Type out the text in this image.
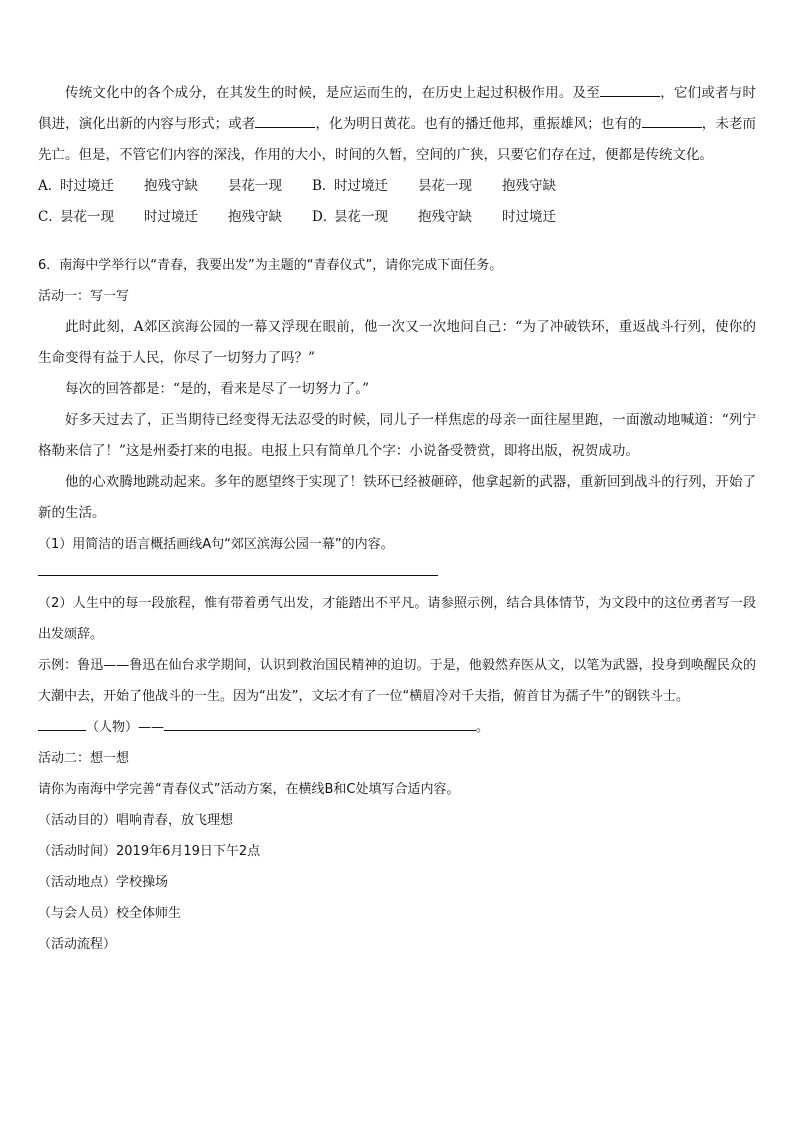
传统文化中的各个成分，在其发生的时候，是应运而生的，在历史上起过积极作用。及至	，它们或者与时俱进，演化出新的内容与形式；或者	，化为明日黄花。也有的播迁他邦，重振雄风；也有的	，未老而先亡。但是，不管它们内容的深浅，作用的大小，时间的久暂，空间的广狭，只要它们存在过，便都是传统文化。

A．时过境迁 抱残守缺 昙花一现 B．时过境迁 昙花一现 抱残守缺

C．昙花一现 时过境迁 抱残守缺 D．昙花一现 抱残守缺 时过境迁

6．南海中学举行以“青春，我要出发”为主题的“青春仪式”，请你完成下面任务。

活动一：写一写

此时此刻，A郊区滨海公园的一幕又浮现在眼前，他一次又一次地问自己：“为了冲破铁环，重返战斗行列，使你的生命变得有益于人民，你尽了一切努力了吗？”

每次的回答都是：“是的，看来是尽了一切努力了。”

好多天过去了，正当期待已经变得无法忍受的时候，同儿子一样焦虑的母亲一面往屋里跑，一面激动地喊道：“列宁格勒来信了！”这是州委打来的电报。电报上只有简单几个字：小说备受赞赏，即将出版，祝贺成功。

他的心欢腾地跳动起来。多年的愿望终于实现了！铁环已经被砸碎，他拿起新的武器，重新回到战斗的行列，开始了新的生活。

（1）用简洁的语言概括画线A句“郊区滨海公园一幕”的内容。

（2）人生中的每一段旅程，惟有带着勇气出发，才能踏出不平凡。请参照示例，结合具体情节，为文段中的这位勇者写一段出发颂辞。

示例：鲁迅——鲁迅在仙台求学期间，认识到救治国民精神的迫切。于是，他毅然弃医从文，以笔为武器，投身到唤醒民众的大潮中去，开始了他战斗的一生。因为“出发”，文坛才有了一位“横眉冷对千夫指，俯首甘为孺子牛”的钢铁斗士。

（人物）——	。

活动二：想一想

请你为南海中学完善“青春仪式”活动方案，在横线B和C处填写合适内容。

（活动目的）唱响青春，放飞理想

（活动时间）2019年6月19日下午2点

（活动地点）学校操场

（与会人员）校全体师生

（活动流程）
